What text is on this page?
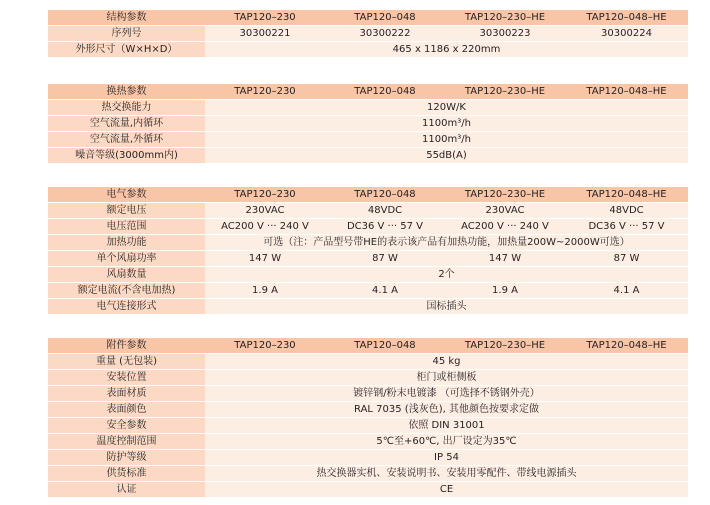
结构参数	TAP120–230	TAP120–048	TAP120–230–HE	TAP120–048–HE
序列号	30300221	30300222	30300223	30300224
外形尺寸（W×H×D）	465 x 1186 x 220mm			
换热参数	TAP120–230	TAP120–048	TAP120–230–HE	TAP120–048–HE
热交换能力	120W/K			
空气流量,内循环	1100m³/h			
空气流量,外循环	1100m³/h			
噪音等级(3000mm内)	55dB(A)			
电气参数	TAP120–230	TAP120–048	TAP120–230–HE	TAP120–048–HE
额定电压	230VAC	48VDC	230VAC	48VDC
电压范围	AC200 V ··· 240 V	DC36 V ··· 57 V	AC200 V ··· 240 V	DC36 V ··· 57 V
加热功能	可选（注：产品型号带HE的表示该产品有加热功能，加热量200W~2000W可选）			
单个风扇功率	147 W	87 W	147 W	87 W
风扇数量	2个			
额定电流(不含电加热)	1.9 A	4.1 A	1.9 A	4.1 A
电气连接形式	国标插头			
附件参数	TAP120–230	TAP120–048	TAP120–230–HE	TAP120–048–HE
重量 (无包装)	45 kg			
安装位置	柜门或柜侧板			
表面材质	镀锌钢/粉末电镀漆 （可选择不锈钢外壳）			
表面颜色	RAL 7035 (浅灰色), 其他颜色按要求定做			
安全参数	依照 DIN 31001			
温度控制范围	5℃至+60℃, 出厂设定为35℃			
防护等级	IP 54			
供货标准	热交换器实机、安装说明书、安装用零配件、带线电源插头			
认证	CE			
